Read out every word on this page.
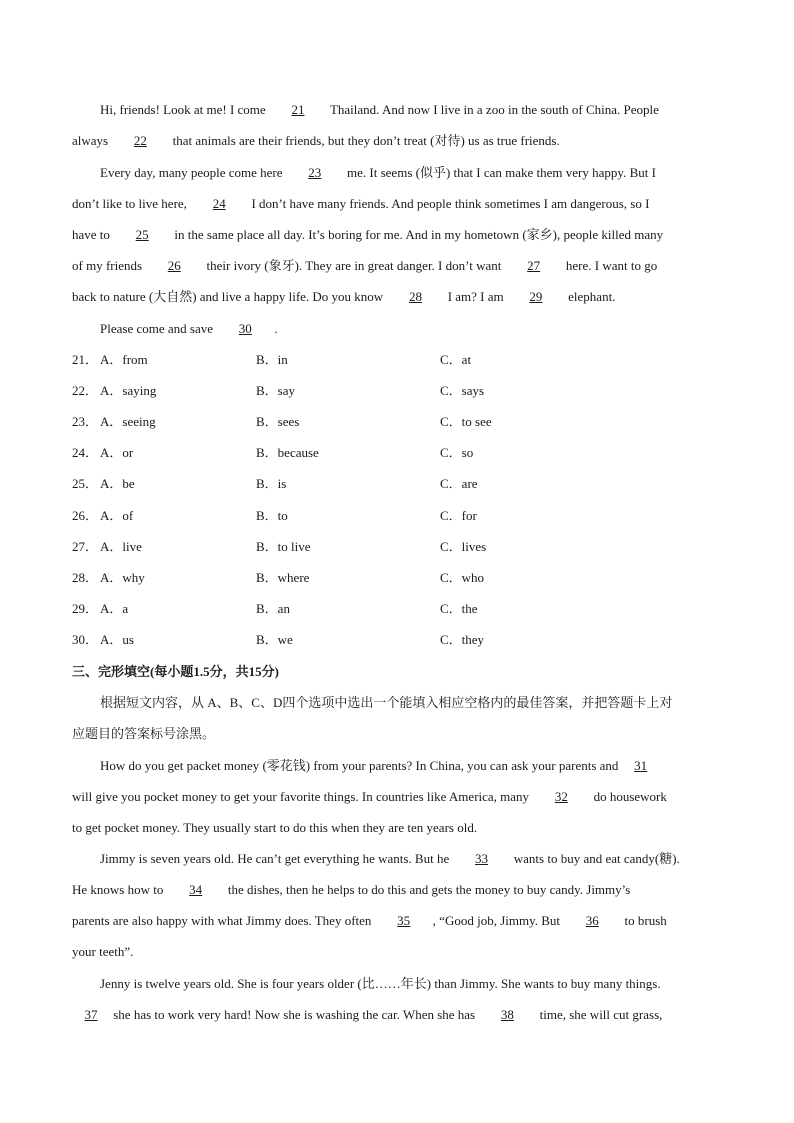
Hi, friends! Look at me! I come 21 Thailand. And now I live in a zoo in the south of China. People
always 22 that animals are their friends, but they don’t treat (对待) us as true friends.
Every day, many people come here 23 me. It seems (似乎) that I can make them very happy. But I
don’t like to live here, 24 I don’t have many friends. And people think sometimes I am dangerous, so I
have to 25 in the same place all day. It’s boring for me. And in my hometown (家乡), people killed many
of my friends 26 their ivory (象牙). They are in great danger. I don’t want 27 here. I want to go
back to nature (大自然) and live a happy life. Do you know 28 I am? I am 29 elephant.
Please come and save 30 .
21． A．from	B．in	C．at
22． A．saying	B．say	C．says
23． A．seeing	B．sees	C．to see
24． A．or	B．because	C．so
25． A．be	B．is	C．are
26． A．of	B．to	C．for
27． A．live	B．to live	C．lives
28． A．why	B．where	C．who
29． A．a	B．an	C．the
30． A．us	B．we	C．they
三、完形填空(每小题1.5分，共15分)
根据短文内容，从 A、B、C、D四个选项中选出一个能填入相应空格内的最佳答案，并把答题卡上对
应题目的答案标号涂黑。
How do you get packet money (零花钱) from your parents? In China, you can ask your parents and 31
will give you pocket money to get your favorite things. In countries like America, many 32 do housework
to get pocket money. They usually start to do this when they are ten years old.
Jimmy is seven years old. He can’t get everything he wants. But he 33 wants to buy and eat candy(糖).
He knows how to 34 the dishes, then he helps to do this and gets the money to buy candy. Jimmy’s
parents are also happy with what Jimmy does. They often 35 , “Good job, Jimmy. But 36 to brush
your teeth”.
Jenny is twelve years old. She is four years older (比……年长) than Jimmy. She wants to buy many things.
37 she has to work very hard! Now she is washing the car. When she has 38 time, she will cut grass,
